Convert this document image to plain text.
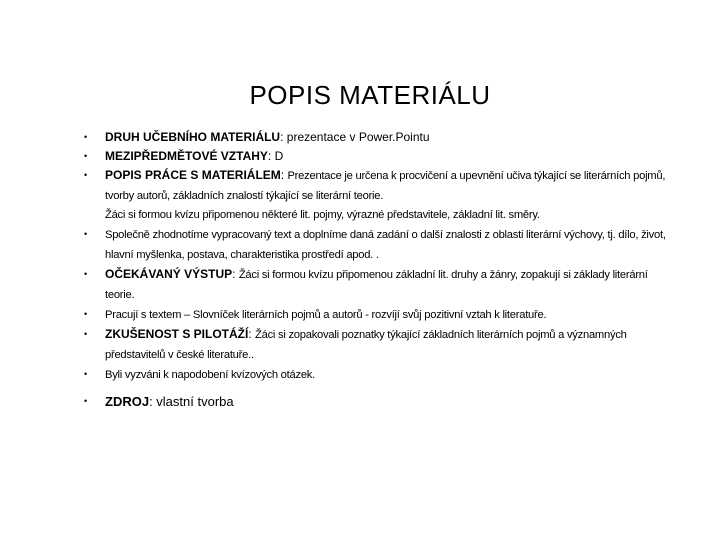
POPIS MATERIÁLU
• DRUH UČEBNÍHO MATERIÁLU: prezentace v Power.Pointu
• MEZIPŘEDMĚTOVÉ VZTAHY: D
• POPIS PRÁCE S MATERIÁLEM: Prezentace je určena k procvičení a upevnění učiva týkající se literárních pojmů, tvorby autorů, základních znalostí týkající se literární teorie.
Žáci si formou kvízu připomenou některé lit. pojmy, výrazné představitele, základní lit. směry.
• Společně zhodnotíme vypracovaný text a doplníme daná zadání o další znalosti z oblasti literární výchovy, tj. dílo, život, hlavní myšlenka, postava, charakteristika prostředí apod. .
• OČEKÁVANÝ VÝSTUP: Žáci si formou kvízu připomenou základní lit. druhy a žánry, zopakují si základy literární teorie.
• Pracují s textem – Slovníček literárních pojmů a autorů - rozvíjí svůj pozitivní vztah k literatuře.
• ZKUŠENOST S PILOTÁŽÍ: Žáci si zopakovali poznatky týkající základních literárních pojmů a významných představitelů v české literatuře..
• Byli vyzváni k napodobení kvízových otázek.
• ZDROJ: vlastní tvorba
